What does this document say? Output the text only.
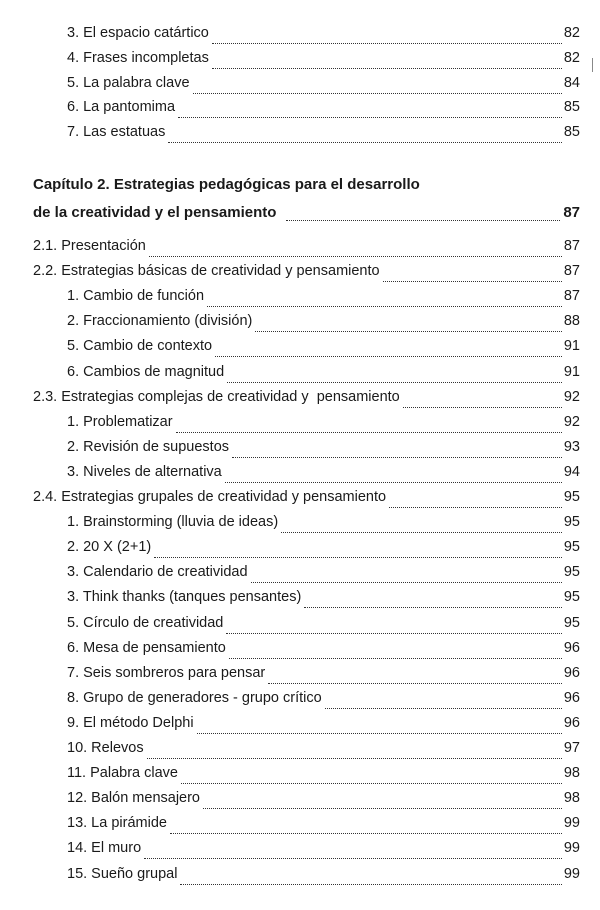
3. El espacio catártico	82
4. Frases incompletas	82
5. La palabra clave	84
6. La pantomima	85
7. Las estatuas	85
Capítulo 2. Estrategias pedagógicas para el desarrollo
de la creatividad y el pensamiento	87
2.1. Presentación	87
2.2. Estrategias básicas de creatividad y pensamiento	87
1. Cambio de función	87
2. Fraccionamiento (división)	88
5. Cambio de contexto	91
6. Cambios de magnitud	91
2.3. Estrategias complejas de creatividad y  pensamiento	92
1. Problematizar	92
2. Revisión de supuestos	93
3. Niveles de alternativa	94
2.4. Estrategias grupales de creatividad y pensamiento	95
1. Brainstorming (lluvia de ideas)	95
2. 20 X (2+1)	95
3. Calendario de creatividad	95
3. Think thanks (tanques pensantes)	95
5. Círculo de creatividad	95
6. Mesa de pensamiento	96
7. Seis sombreros para pensar	96
8. Grupo de generadores - grupo crítico	96
9. El método Delphi	96
10. Relevos	97
11. Palabra clave	98
12. Balón mensajero	98
13. La pirámide	99
14. El muro	99
15. Sueño grupal	99
